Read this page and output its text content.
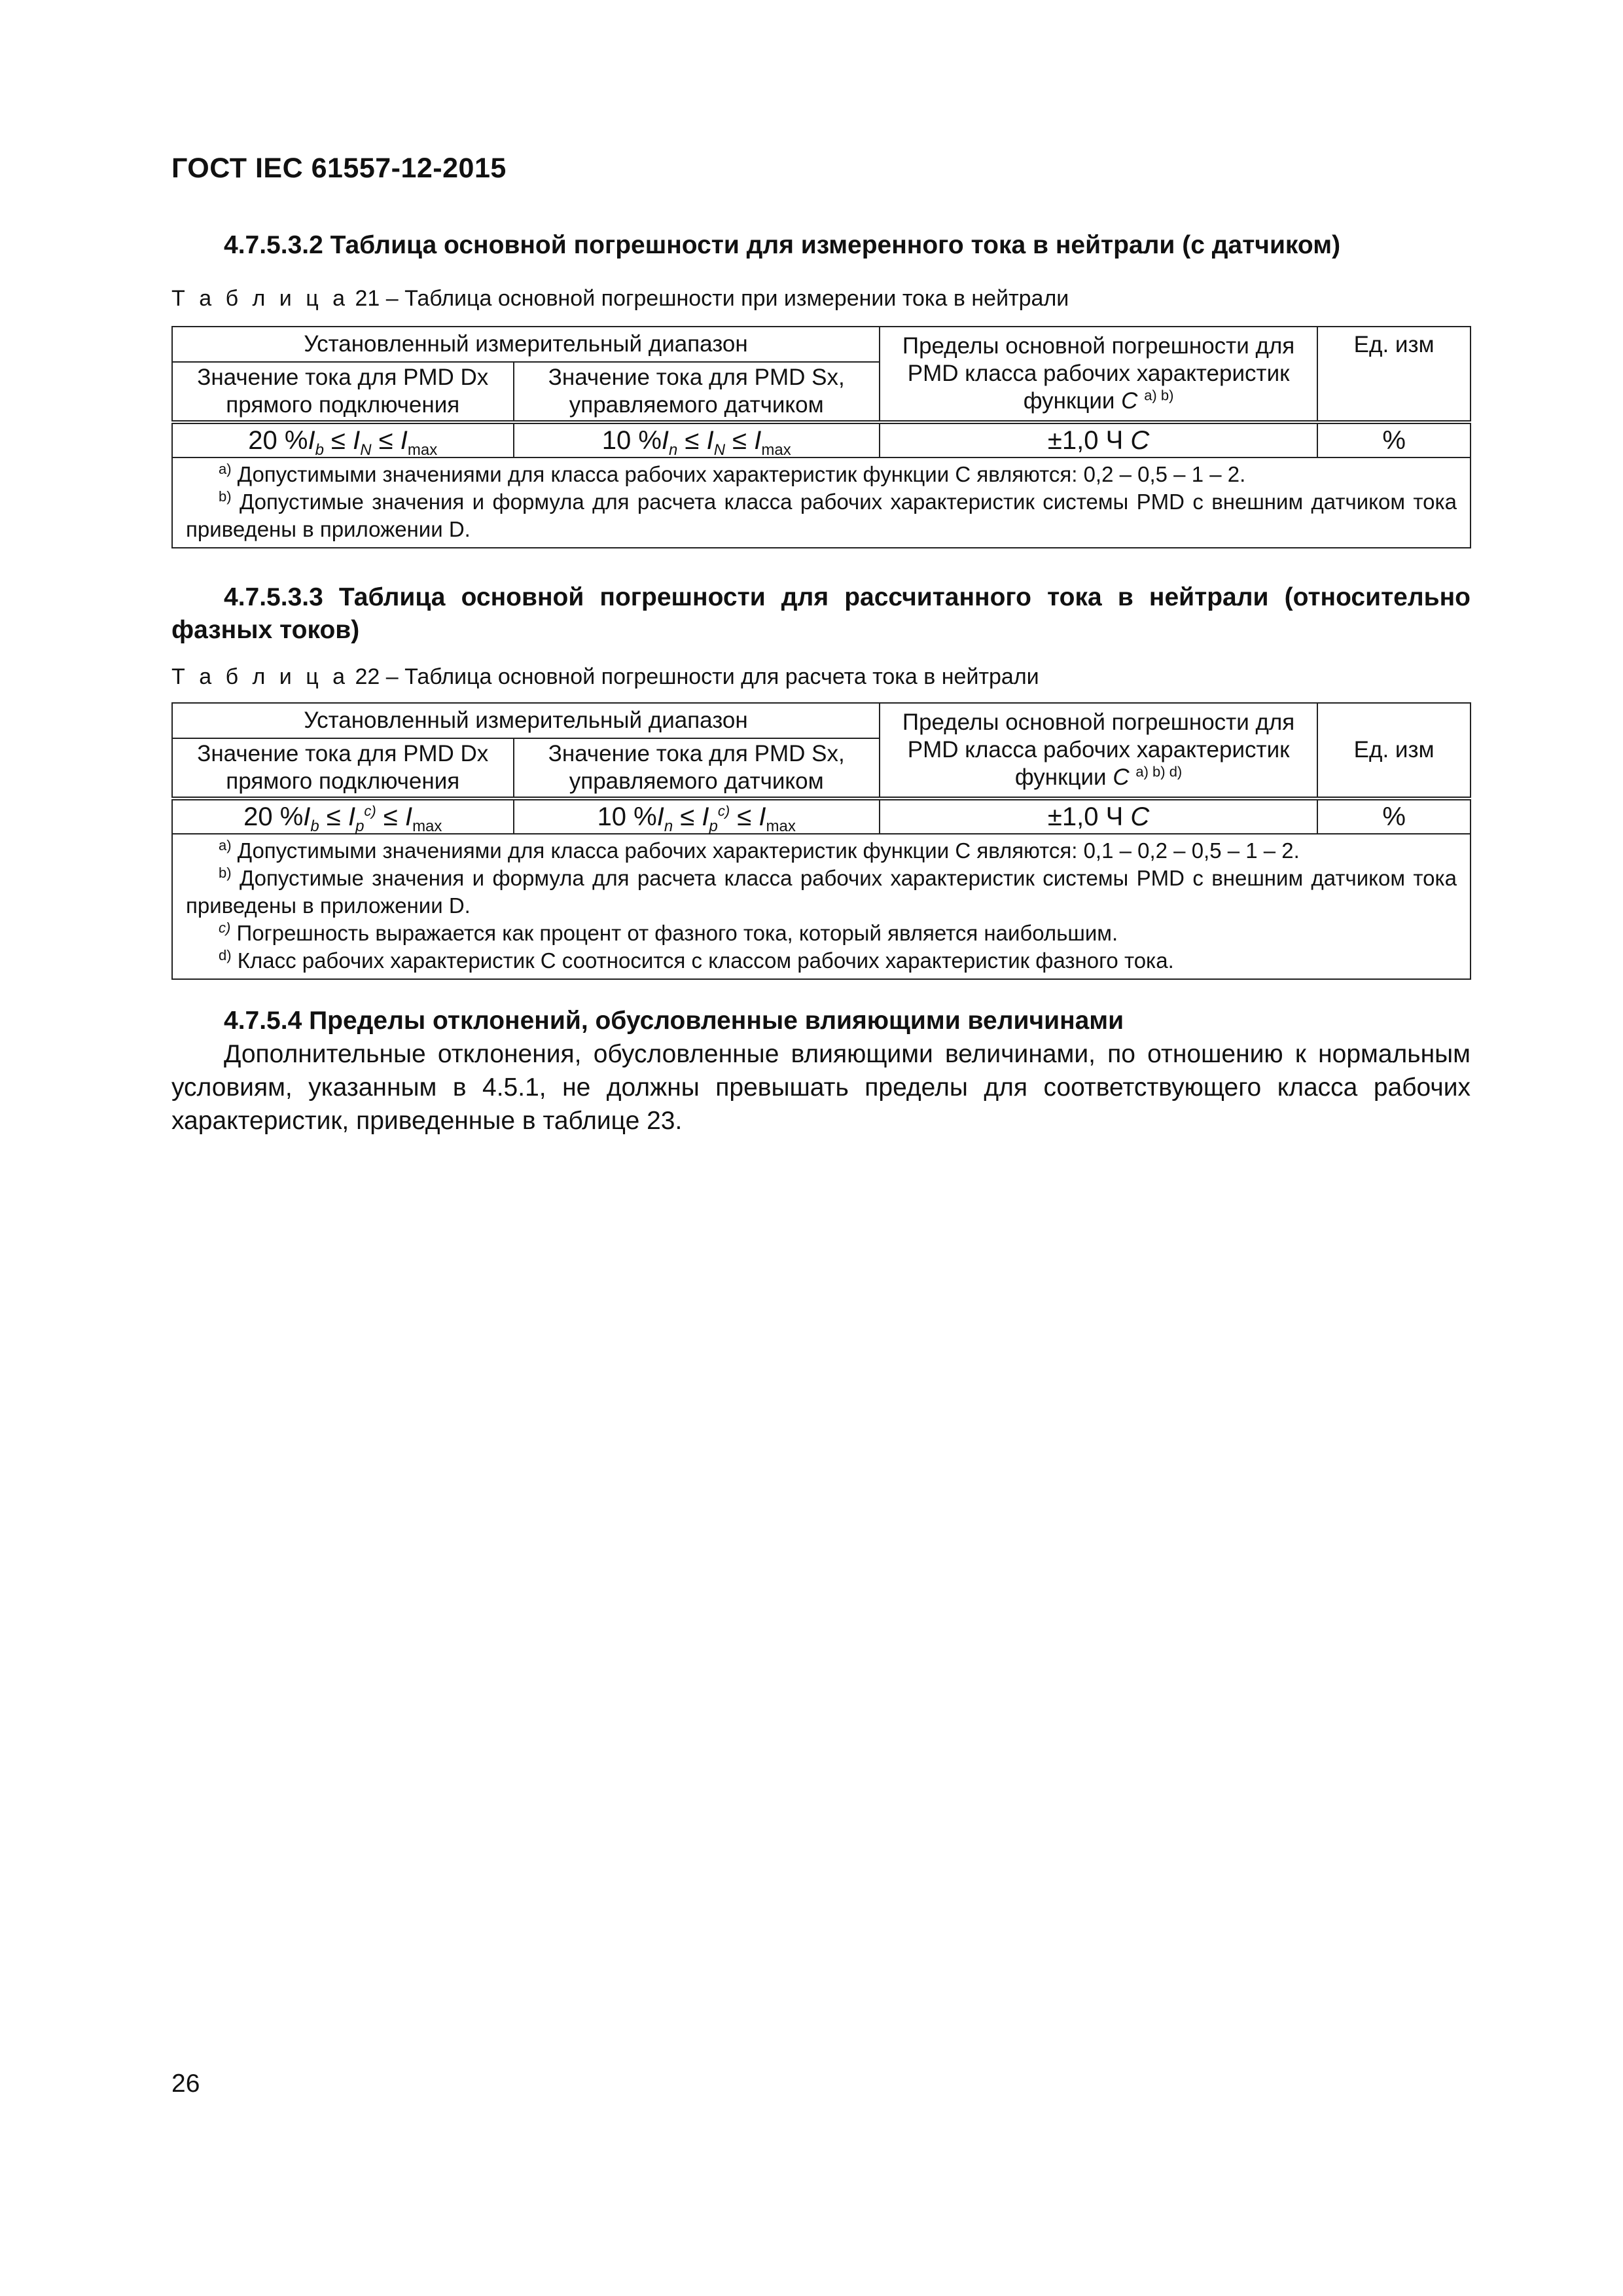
ГОСТ IEC 61557-12-2015
4.7.5.3.2 Таблица основной погрешности для измеренного тока в нейтрали (с датчиком)
Т а б л и ц а 21 – Таблица основной погрешности при измерении тока в нейтрали
Установленный измерительный диапазон		Пределы основной погрешности для PMD класса рабочих характеристик функции C $^{a) b)}$	Ед. изм
Значение тока для PMD Dx прямого подключения	Значение тока для PMD Sx, управляемого датчиком		
20 $\%I_b \le I_N \le I_{max}$	10 $\%I_n \le I_N \le I_{max}$	±1,0 Ч C	%

$^{a)}$ Допустимыми значениями для класса рабочих характеристик функции С являются: 0,2 – 0,5 – 1 – 2.
$^{b)}$ Допустимые значения и формула для расчета класса рабочих характеристик системы PMD с внешним датчиком тока приведены в приложении D.			
4.7.5.3.3 Таблица основной погрешности для рассчитанного тока в нейтрали (относительно фазных токов)
Т а б л и ц а 22 – Таблица основной погрешности для расчета тока в нейтрали
Установленный измерительный диапазон		Пределы основной погрешности для PMD класса рабочих характеристик функции C $^{a) b) d)}$	Ед. изм
Значение тока для PMD Dx прямого подключения	Значение тока для PMD Sx, управляемого датчиком		
20 $\%I_b \le I_p^{c)} \le I_{max}$	10 $\%I_n \le I_p^{c)} \le I_{max}$	±1,0 Ч C	%

$^{a)}$ Допустимыми значениями для класса рабочих характеристик функции C являются: 0,1 – 0,2 – 0,5 – 1 – 2.
$^{b)}$ Допустимые значения и формула для расчета класса рабочих характеристик системы PMD с внешним датчиком тока приведены в приложении D.
$^{c)}$ Погрешность выражается как процент от фазного тока, который является наибольшим.
$^{d)}$ Класс рабочих характеристик C соотносится с классом рабочих характеристик фазного тока.			
4.7.5.4 Пределы отклонений, обусловленные влияющими величинами
Дополнительные отклонения, обусловленные влияющими величинами, по отношению к нормальным условиям, указанным в 4.5.1, не должны превышать пределы для соответствующего класса рабочих характеристик, приведенные в таблице 23.
26
